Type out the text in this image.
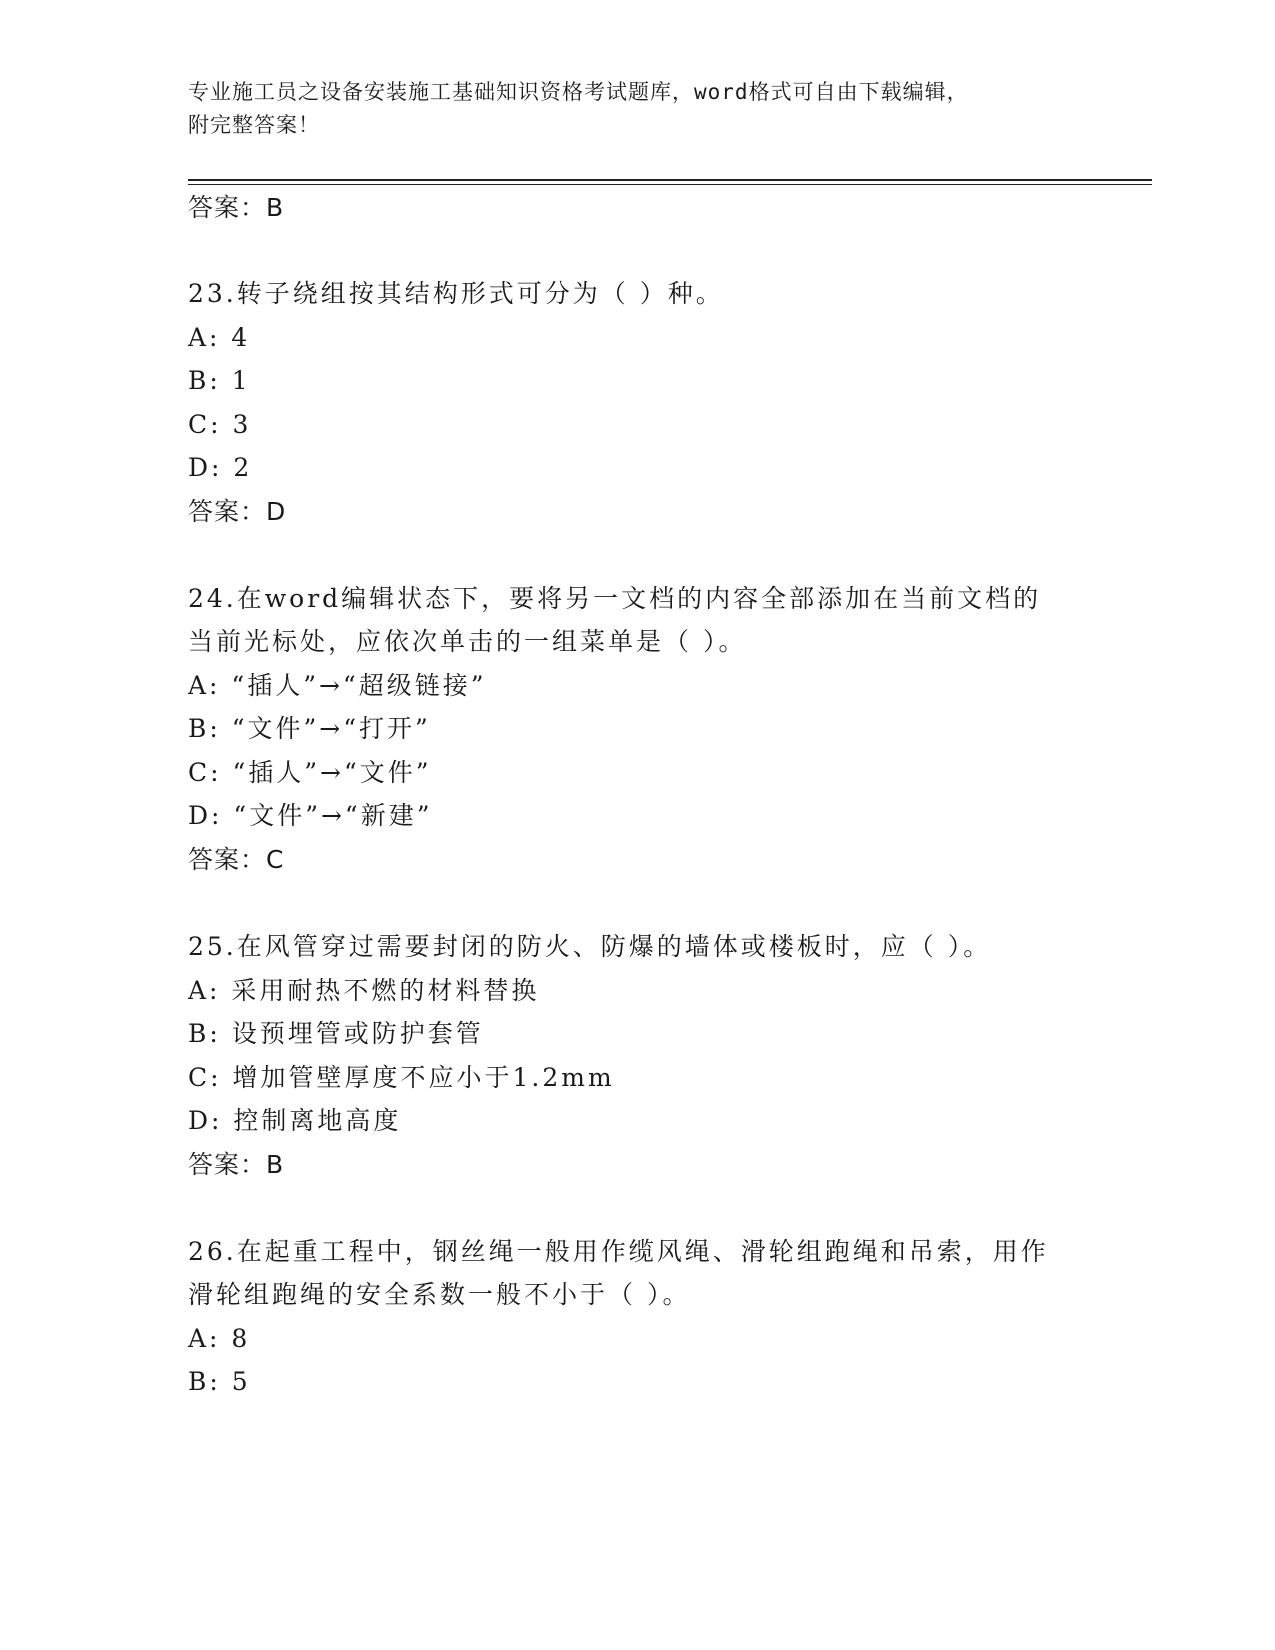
专业施工员之设备安装施工基础知识资格考试题库，word格式可自由下载编辑，
附完整答案！
答案：B
23.转子绕组按其结构形式可分为（ ）种。
A: 4
B: 1
C: 3
D: 2
答案：D
24.在word编辑状态下，要将另一文档的内容全部添加在当前文档的
当前光标处，应依次单击的一组菜单是（ ）。
A: “插人”→“超级链接”
B: “文件”→“打开”
C: “插人”→“文件”
D: “文件”→“新建”
答案：C
25.在风管穿过需要封闭的防火、防爆的墙体或楼板时，应（ ）。
A: 采用耐热不燃的材料替换
B: 设预埋管或防护套管
C: 增加管壁厚度不应小于1.2mm
D: 控制离地高度
答案：B
26.在起重工程中，钢丝绳一般用作缆风绳、滑轮组跑绳和吊索，用作
滑轮组跑绳的安全系数一般不小于（ ）。
A: 8
B: 5
